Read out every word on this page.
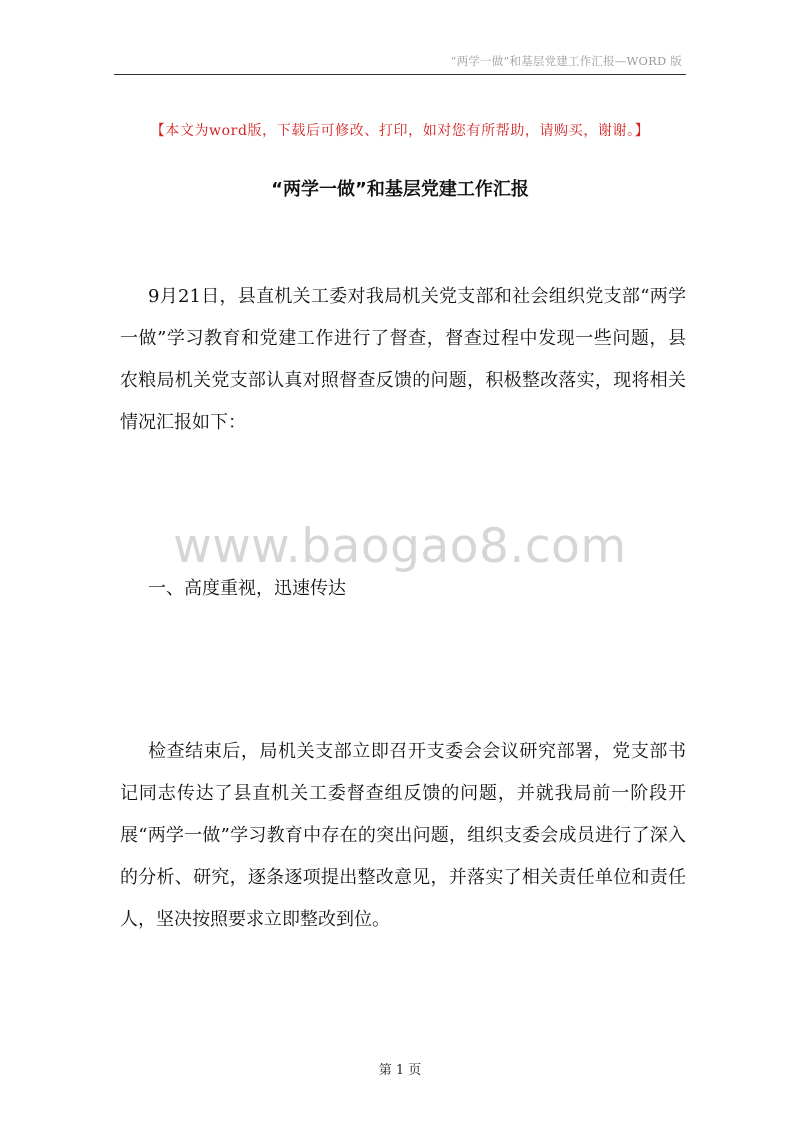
“两学一做”和基层党建工作汇报—WORD 版
【本文为word版，下载后可修改、打印，如对您有所帮助，请购买，谢谢。】
“两学一做”和基层党建工作汇报

9月21日，县直机关工委对我局机关党支部和社会组织党支部“两学一做”学习教育和党建工作进行了督查，督查过程中发现一些问题，县农粮局机关党支部认真对照督查反馈的问题，积极整改落实，现将相关情况汇报如下：

www.baogao8.com
一、高度重视，迅速传达

检查结束后，局机关支部立即召开支委会会议研究部署，党支部书记同志传达了县直机关工委督查组反馈的问题，并就我局前一阶段开展“两学一做”学习教育中存在的突出问题，组织支委会成员进行了深入的分析、研究，逐条逐项提出整改意见，并落实了相关责任单位和责任人，坚决按照要求立即整改到位。

第 1 页
